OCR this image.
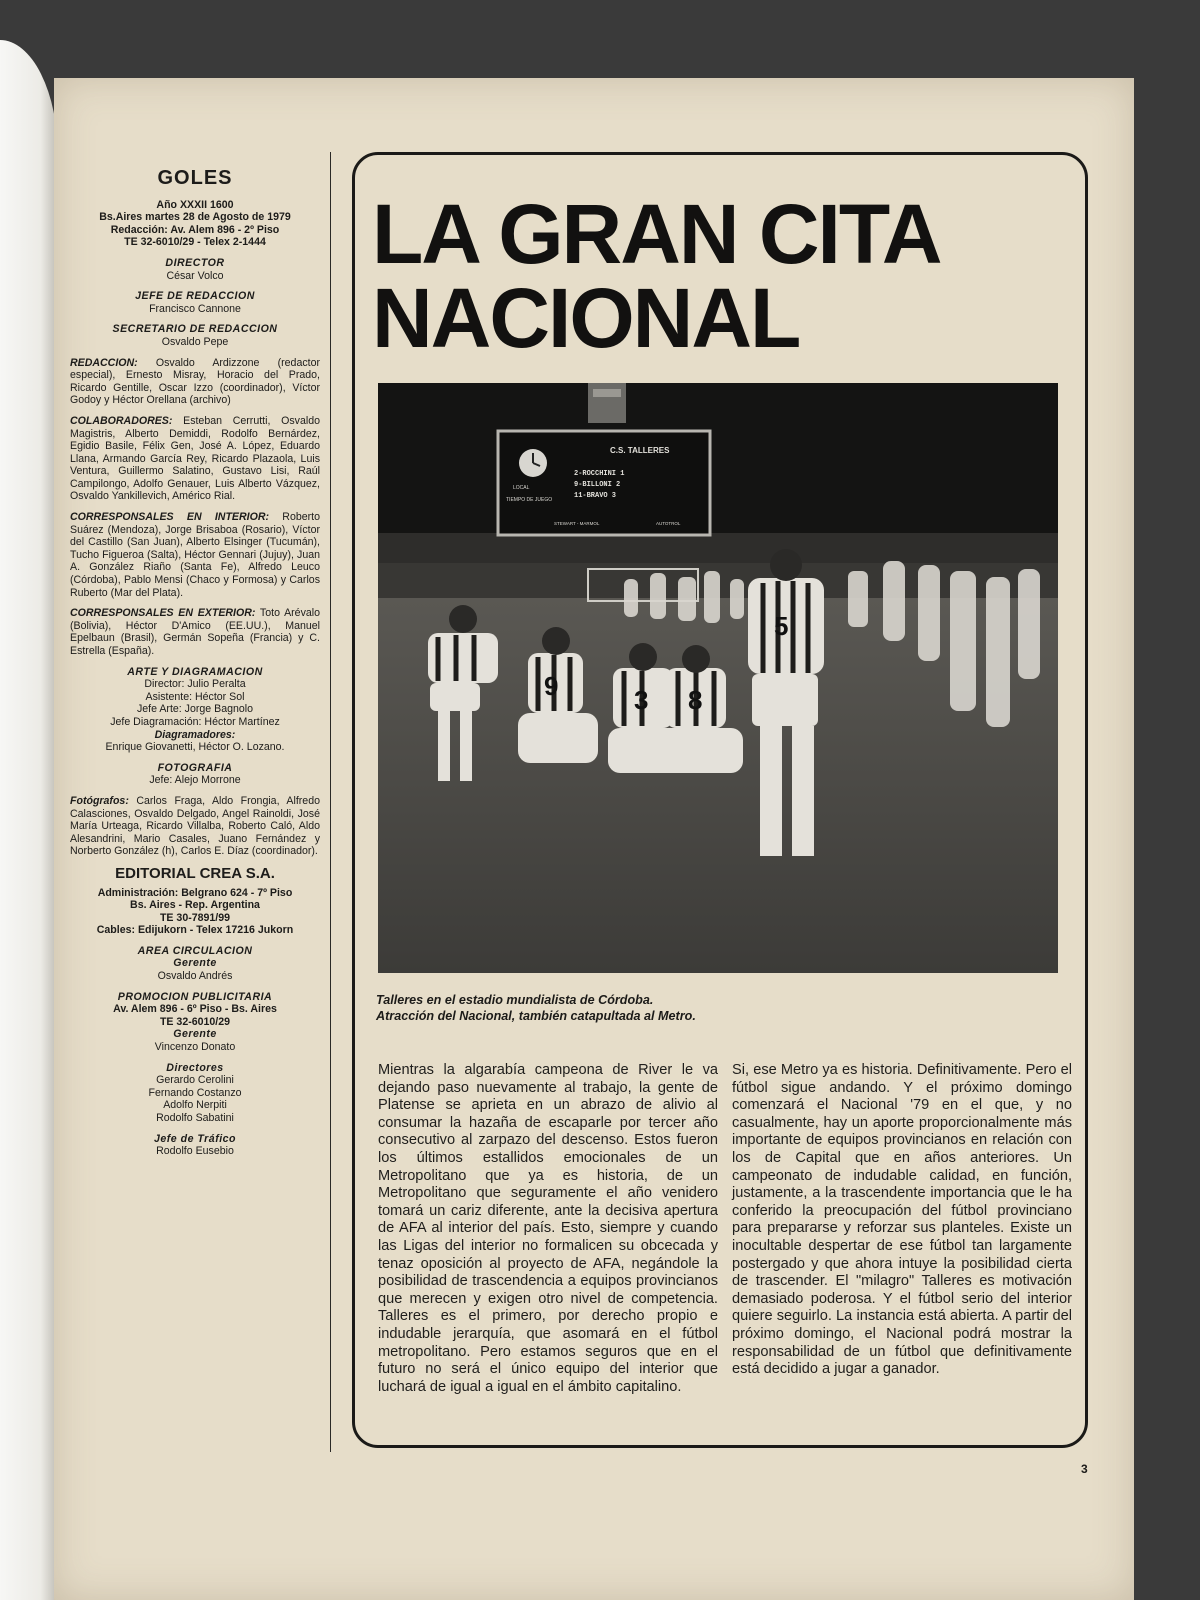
GOLES
Año XXXII 1600
Bs.Aires martes 28 de Agosto de 1979
Redacción: Av. Alem 896 - 2º Piso
TE 32-6010/29 - Telex 2-1444
DIRECTOR
César Volco
JEFE DE REDACCION
Francisco Cannone
SECRETARIO DE REDACCION
Osvaldo Pepe
REDACCION: Osvaldo Ardizzone (redactor especial), Ernesto Misray, Horacio del Prado, Ricardo Gentille, Oscar Izzo (coordinador), Víctor Godoy y Héctor Orellana (archivo)
COLABORADORES: Esteban Cerrutti, Osvaldo Magistris, Alberto Demiddi, Rodolfo Bernárdez, Egidio Basile, Félix Gen, José A. López, Eduardo Llana, Armando García Rey, Ricardo Plazaola, Luis Ventura, Guillermo Salatino, Gustavo Lisi, Raúl Campilongo, Adolfo Genauer, Luis Alberto Vázquez, Osvaldo Yankillevich, Américo Rial.
CORRESPONSALES EN INTERIOR: Roberto Suárez (Mendoza), Jorge Brisaboa (Rosario), Víctor del Castillo (San Juan), Alberto Elsinger (Tucumán), Tucho Figueroa (Salta), Héctor Gennari (Jujuy), Juan A. González Riaño (Santa Fe), Alfredo Leuco (Córdoba), Pablo Mensi (Chaco y Formosa) y Carlos Ruberto (Mar del Plata).
CORRESPONSALES EN EXTERIOR: Toto Arévalo (Bolivia), Héctor D'Amico (EE.UU.), Manuel Epelbaun (Brasil), Germán Sopeña (Francia) y C. Estrella (España).
ARTE Y DIAGRAMACION
Director: Julio Peralta
Asistente: Héctor Sol
Jefe Arte: Jorge Bagnolo
Jefe Diagramación: Héctor Martínez
Diagramadores:
Enrique Giovanetti, Héctor O. Lozano.
FOTOGRAFIA
Jefe: Alejo Morrone
Fotógrafos: Carlos Fraga, Aldo Frongia, Alfredo Calasciones, Osvaldo Delgado, Angel Rainoldi, José María Urteaga, Ricardo Villalba, Roberto Caló, Aldo Alesandrini, Mario Casales, Juano Fernández y Norberto González (h), Carlos E. Díaz (coordinador).
EDITORIAL CREA S.A.
Administración: Belgrano 624 - 7º Piso
Bs. Aires - Rep. Argentina
TE 30-7891/99
Cables: Edijukorn - Telex 17216 Jukorn
AREA CIRCULACION
Gerente
Osvaldo Andrés
PROMOCION PUBLICITARIA
Av. Alem 896 - 6º Piso - Bs. Aires
TE 32-6010/29
Gerente
Vincenzo Donato
Directores
Gerardo Cerolini
Fernando Costanzo
Adolfo Nerpiti
Rodolfo Sabatini
Jefe de Tráfico
Rodolfo Eusebio
LA GRAN CITA
NACIONAL
LOCAL
TIEMPO DE JUEGO
C.S. TALLERES
2-ROCCHINI 1
9-BILLONI 2
11-BRAVO 3
STEWART - MARMOL	AUTOTROL
5
9	3 8
Talleres en el estadio mundialista de Córdoba.
Atracción del Nacional, también catapultada al Metro.

Mientras la algarabía campeona de River le va dejando paso nuevamente al trabajo, la gente de Platense se aprieta en un abrazo de alivio al consumar la hazaña de escaparle por tercer año consecutivo al zarpazo del descenso. Estos fueron los últimos estallidos emocionales de un Metropolitano que ya es historia, de un Metropolitano que seguramente el año venidero tomará un cariz diferente, ante la decisiva apertura de AFA al interior del país. Esto, siempre y cuando las Ligas del interior no formalicen su obcecada y tenaz oposición al proyecto de AFA, negándole la posibilidad de trascendencia a equipos provincianos que merecen y exigen otro nivel de competencia. Talleres es el primero, por derecho propio e indudable jerarquía, que asomará en el fútbol metropolitano. Pero estamos seguros que en el futuro no será el único equipo del interior que luchará de igual a igual en el ámbito capitalino.

Si, ese Metro ya es historia. Definitivamente. Pero el fútbol sigue andando. Y el próximo domingo comenzará el Nacional '79 en el que, y no casualmente, hay un aporte proporcionalmente más importante de equipos provincianos en relación con los de Capital que en años anteriores. Un campeonato de indudable calidad, en función, justamente, a la trascendente importancia que le ha conferido la preocupación del fútbol provinciano para prepararse y reforzar sus planteles. Existe un inocultable despertar de ese fútbol tan largamente postergado y que ahora intuye la posibilidad cierta de trascender. El "milagro" Talleres es motivación demasiado poderosa. Y el fútbol serio del interior quiere seguirlo. La instancia está abierta. A partir del próximo domingo, el Nacional podrá mostrar la responsabilidad de un fútbol que definitivamente está decidido a jugar a ganador.

3
